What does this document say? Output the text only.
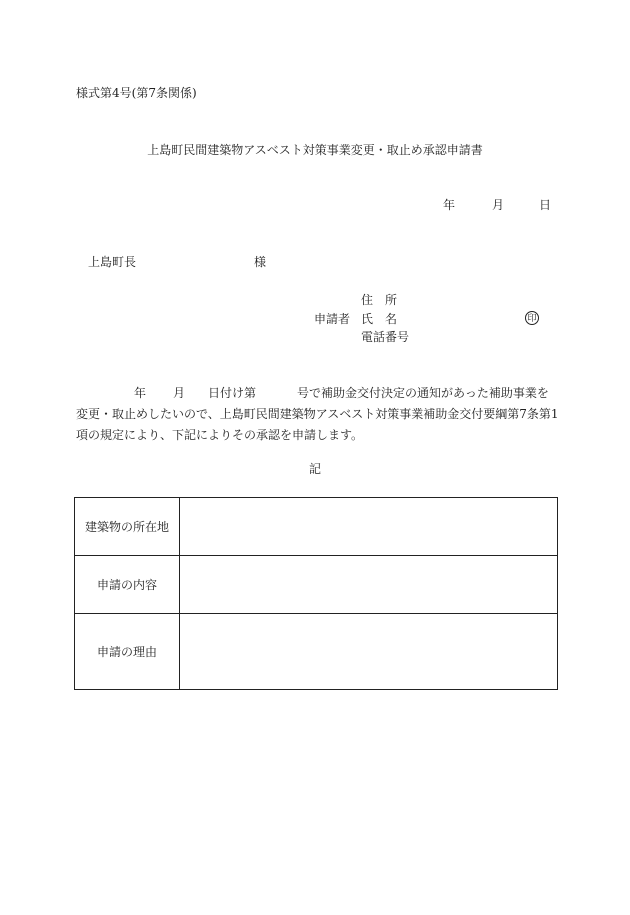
様式第4号(第7条関係)
上島町民間建築物アスベスト対策事業変更・取止め承認申請書
年	月	日
上島町長	様
住　所
申請者 氏　名
電話番号
印
年 月 日付け第	号で補助金交付決定の通知があった補助事業を
変更・取止めしたいので、上島町民間建築物アスベスト対策事業補助金交付要綱第7条第1
項の規定により、下記によりその承認を申請します。
記
建築物の所在地	
申請の内容	
申請の理由	
